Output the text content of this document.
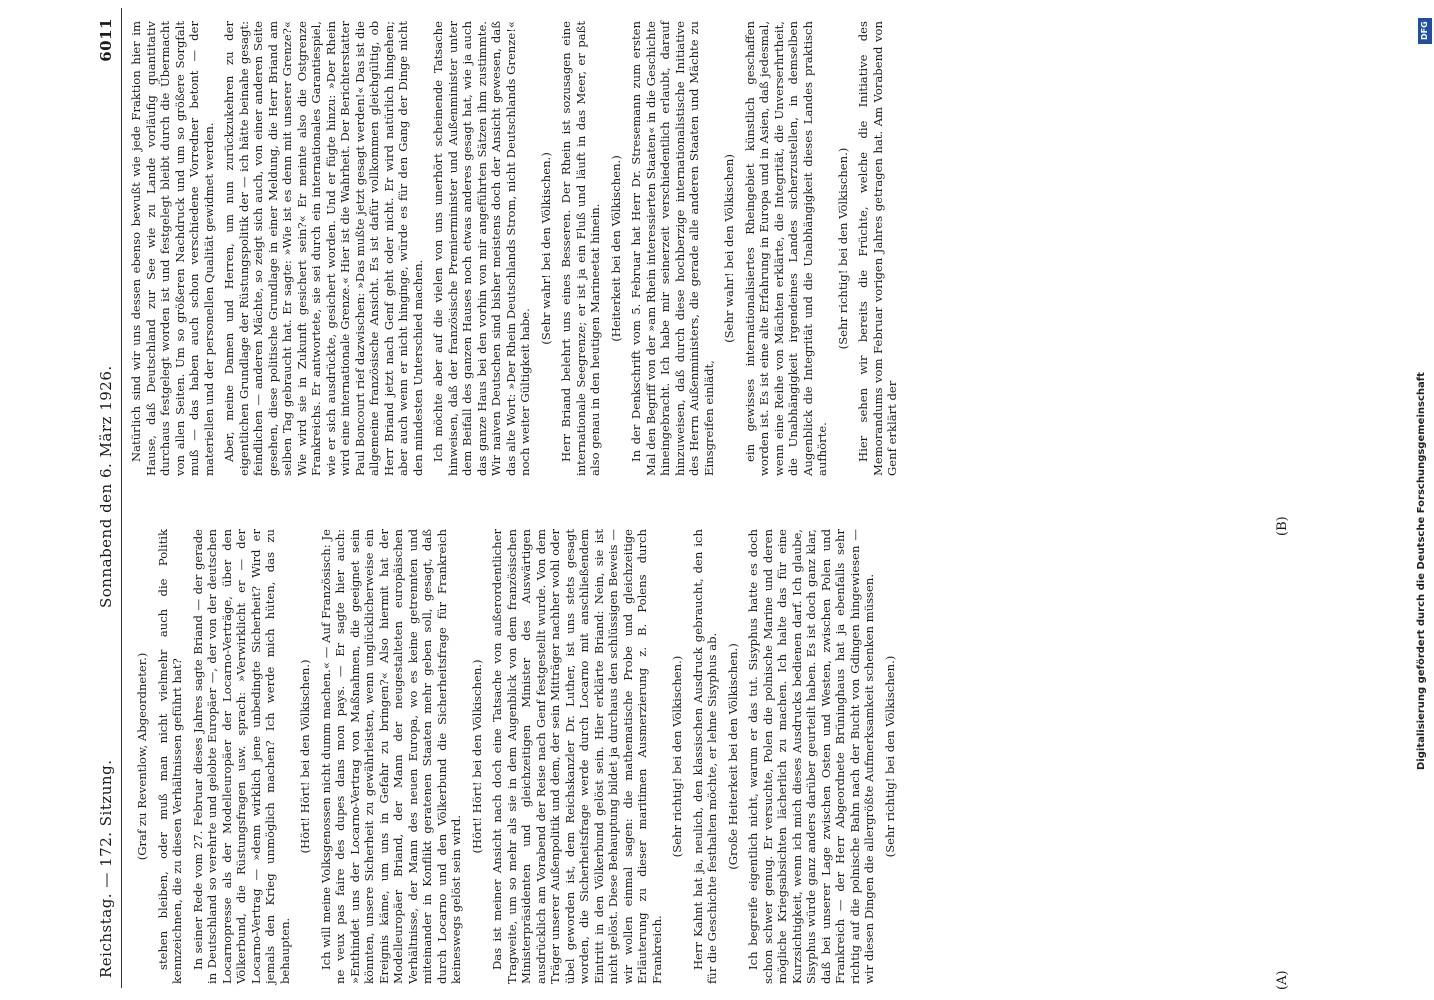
Reichstag. — 172. Sitzung.
Sonnabend den 6. März 1926.
6011
(A)
(B)

(Graf zu Reventlow, Abgeordneter.) stehen bleiben, oder muß man nicht vielmehr auch die Politik kennzeichnen, die zu diesen Verhältnissen geführt hat? In seiner Rede vom 27. Februar dieses Jahres sagte Briand — der gerade in Deutschland so verehrte und gelobte Europäer —, der von der deutschen Locarnopresse als der Modelleuropäer der Locarno-Verträge, über den Völkerbund, die Rüstungsfragen usw. sprach: »Verwirklicht er — der Locarno-Vertrag — »denn wirklich jene unbedingte Sicherheit? Wird er jemals den Krieg unmöglich machen? Ich werde mich hüten, das zu behaupten.

(Hört! Hört! bei den Völkischen.) Ich will meine Volksgenossen nicht dumm machen.« — Auf Französisch: Je ne veux pas faire des dupes dans mon pays. — Er sagte hier auch: »Enthindet uns der Locarno-Vertrag von Maßnahmen, die geeignet sein könnten, unsere Sicherheit zu gewährleisten, wenn unglücklicherweise ein Ereignis käme, um uns in Gefahr zu bringen?« Also hiermit hat der Modelleuropäer Briand, der Mann der neugestalteten europäischen Verhältnisse, der Mann des neuen Europa, wo es keine getrennten und miteinander in Konflikt geratenen Staaten mehr geben soll, gesagt, daß durch Locarno und den Völkerbund die Sicherheitsfrage für Frankreich keineswegs gelöst sein wird.

(Hört! Hört! bei den Völkischen.) Das ist meiner Ansicht nach doch eine Tatsache von außerordentlicher Tragweite, um so mehr als sie in dem Augenblick von dem französischen Ministerpräsidenten und gleichzeitigen Minister des Auswärtigen ausdrücklich am Vorabend der Reise nach Genf festgestellt wurde. Von dem Träger unserer Außenpolitik und dem, der sein Mitträger nachher wohl oder übel geworden ist, dem Reichskanzler Dr. Luther, ist uns stets gesagt worden, die Sicherheitsfrage werde durch Locarno mit anschließendem Eintritt in den Völkerbund gelöst sein. Hier erklärte Briand: Nein, sie ist nicht gelöst. Diese Behauptung bildet ja durchaus den schlüssigen Beweis — wir wollen einmal sagen: die mathematische Probe und gleichzeitige Erläuterung zu dieser maritimen Ausmerzierung z. B. Polens durch Frankreich.

(Sehr richtig! bei den Völkischen.) Herr Kahnt hat ja, neulich, den klassischen Ausdruck gebraucht, den ich für die Geschichte festhalten möchte, er lehne Sisyphus ab. (Große Heiterkeit bei den Völkischen.) Ich begreife eigentlich nicht, warum er das tut. Sisyphus hatte es doch schon schwer genug. Er versuchte, Polen die polnische Marine und deren mögliche Kriegsabsichten lächerlich zu machen. Ich halte das für eine Kurzsichtigkeit, wenn ich mich dieses Ausdrucks bedienen darf. Ich glaube, Sisyphus würde ganz anders darüber geurteilt haben. Es ist doch ganz klar, daß bei unserer Lage zwischen Osten und Westen, zwischen Polen und Frankreich — der Herr Abgeordnete Brüninghaus hat ja ebenfalls sehr richtig auf die polnische Bahn nach der Bucht von Gdingen hingewiesen — wir diesen Dingen die allergrößte Aufmerksamkeit schenken müssen. (Sehr richtig! bei den Völkischen.)

Natürlich sind wir uns dessen ebenso bewußt wie jede Fraktion hier im Hause, daß Deutschland zur See wie zu Lande vorläufig quantitativ durchaus festgelegt worden ist und festgelegt bleibt durch die Übermacht von allen Seiten. Um so größeren Nachdruck und um so größere Sorgfalt muß — das haben auch schon verschiedene Vorredner betont — der materiellen und der personellen Qualität gewidmet werden. Aber, meine Damen und Herren, um nun zurückzukehren zu der eigentlichen Grundlage der Rüstungspolitik der — ich hätte beinahe gesagt: feindlichen — anderen Mächte, so zeigt sich auch, von einer anderen Seite gesehen, diese politische Grundlage in einer Meldung, die Herr Briand am selben Tag gebraucht hat. Er sagte: »Wie ist es denn mit unserer Grenze?« Wie wird sie in Zukunft gesichert sein?« Er meinte also die Ostgrenze Frankreichs. Er antwortete, sie sei durch ein internationales Garantiespiel, wie er sich ausdrückte, gesichert worden. Und er fügte hinzu: »Der Rhein wird eine internationale Grenze.« Hier ist die Wahrheit. Der Berichterstatter Paul Boncourt rief dazwischen: »Das mußte jetzt gesagt werden!« Das ist die allgemeine französische Ansicht. Es ist dafür vollkommen gleichgültig, ob Herr Briand jetzt nach Genf geht oder nicht. Er wird natürlich hingehen; aber auch wenn er nicht hinginge, würde es für den Gang der Dinge nicht den mindesten Unterschied machen. Ich möchte aber auf die vielen von uns unerhört scheinende Tatsache hinweisen, daß der französische Premierminister und Außenminister unter dem Beifall des ganzen Hauses noch etwas anderes gesagt hat, wie ja auch das ganze Haus bei den vorhin von mir angeführten Sätzen ihm zustimmte. Wir naiven Deutschen sind bisher meistens doch der Ansicht gewesen, daß das alte Wort: »Der Rhein Deutschlands Strom, nicht Deutschlands Grenze!« noch weiter Gültigkeit habe.

(Sehr wahr! bei den Völkischen.) Herr Briand belehrt uns eines Besseren. Der Rhein ist sozusagen eine internationale Seegrenze; er ist ja ein Fluß und läuft in das Meer, er paßt also genau in den heutigen Marineetat hinein. (Heiterkeit bei den Völkischen.) In der Denkschrift vom 5. Februar hat Herr Dr. Stresemann zum ersten Mal den Begriff von der »am Rhein interessierten Staaten« in die Geschichte hineingebracht. Ich habe mir seinerzeit verschiedentlich erlaubt, darauf hinzuweisen, daß durch diese hochberzige internationalistische Initiative des Herrn Außenministers, die gerade alle anderen Staaten und Mächte zu Einsgreifen einlädt,

(Sehr wahr! bei den Völkischen) ein gewisses internationalisiertes Rheingebiet künstlich geschaffen worden ist. Es ist eine alte Erfahrung in Europa und in Asien, daß jedesmal, wenn eine Reihe von Mächten erklärte, die Integrität, die Unverserhrtheit, die Unabhängigkeit irgendeines Landes sicherzustellen, in demselben Augenblick die Integrität und die Unabhängigkeit dieses Landes praktisch aufhörte.

(Sehr richtig! bei den Völkischen.) Hier sehen wir bereits die Früchte, welche die Initiative des Memorandums vom Februar vorigen Jahres getragen hat. Am Vorabend von Genf erklärt der

DFG
Digitalisierung gefördert durch die Deutsche Forschungsgemeinschaft
